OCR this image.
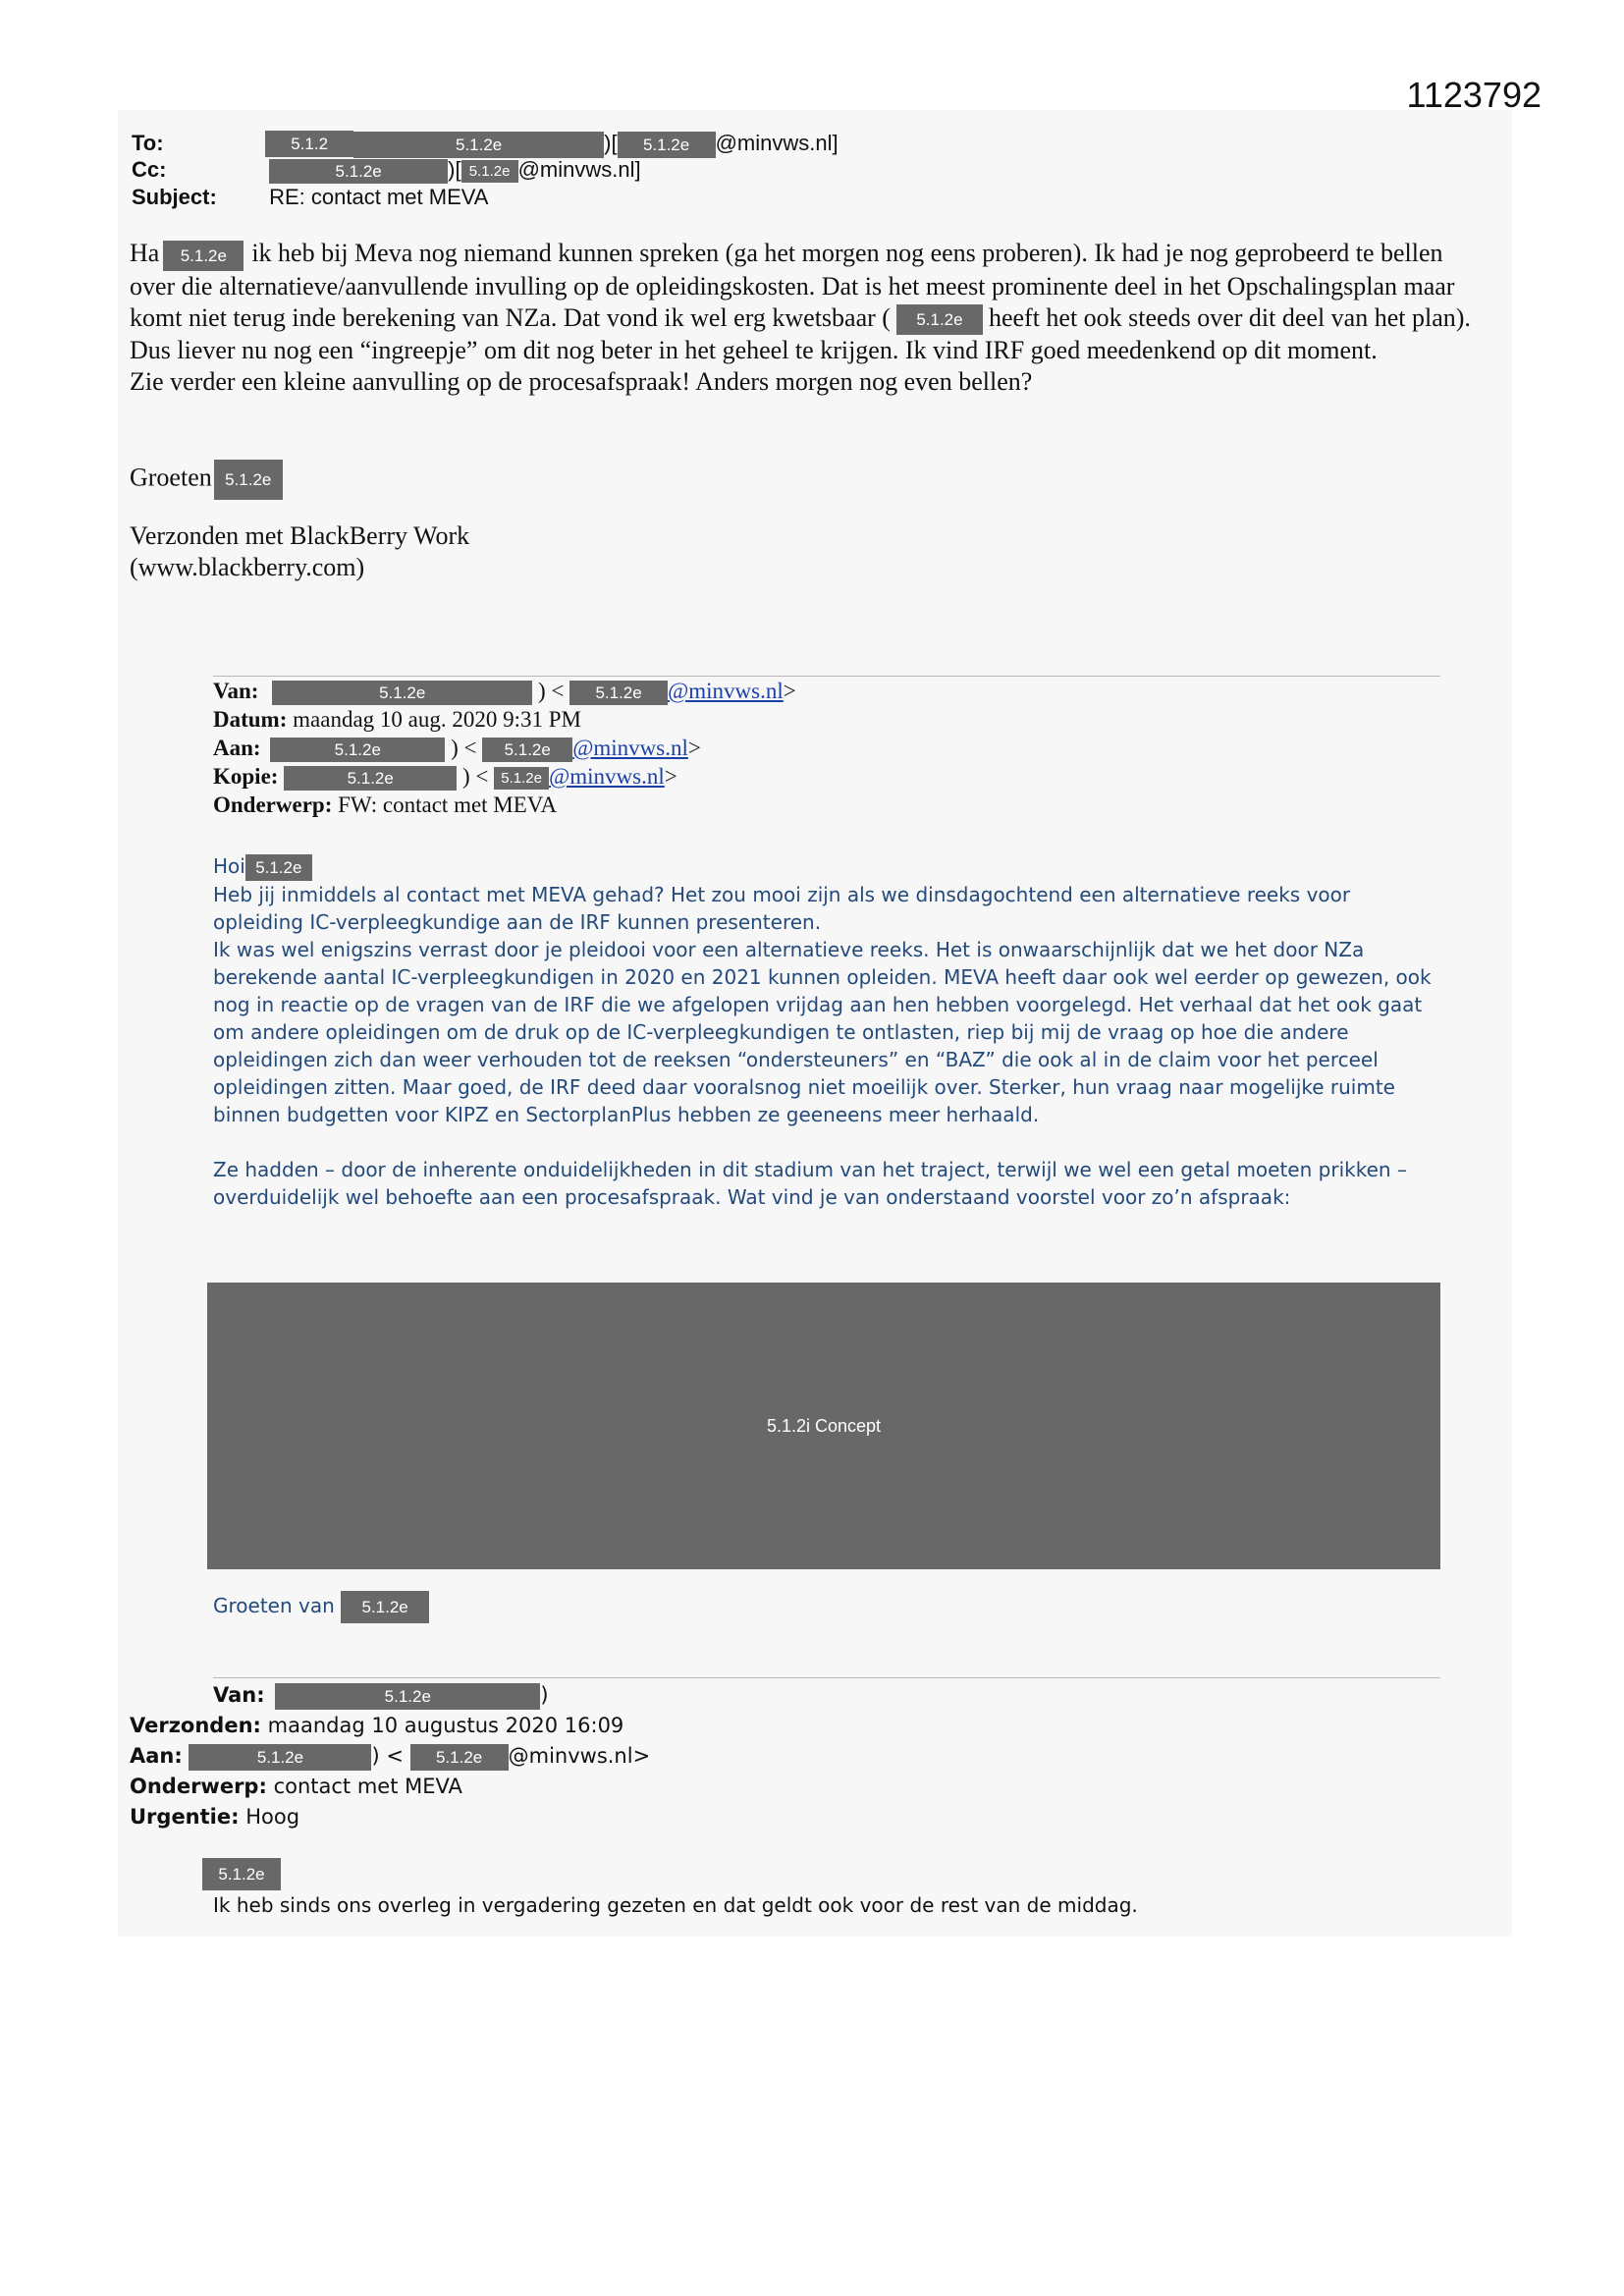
1123792
To:	5.1.2	5.1.2e	)[ 5.1.2e @minvws.nl]
Cc:	5.1.2e	)[ 5.1.2e @minvws.nl]
Subject: RE: contact met MEVA

Ha 5.1.2e ik heb bij Meva nog niemand kunnen spreken (ga het morgen nog eens proberen). Ik had je nog geprobeerd te bellen over die alternatieve/aanvullende invulling op de opleidingskosten. Dat is het meest prominente deel in het Opschalingsplan maar komt niet terug inde berekening van NZa. Dat vond ik wel erg kwetsbaar ( 5.1.2e heeft het ook steeds over dit deel van het plan). Dus liever nu nog een “ingreepje” om dit nog beter in het geheel te krijgen. Ik vind IRF goed meedenkend op dit moment.

Zie verder een kleine aanvulling op de procesafspraak! Anders morgen nog even bellen?

Groeten 5.1.2e

Verzonden met BlackBerry Work

(www.blackberry.com)

Van:	5.1.2e	) < 5.1.2e @minvws.nl>
Datum: maandag 10 aug. 2020 9:31 PM
Aan:	5.1.2e	) < 5.1.2e @minvws.nl>
Kopie:	5.1.2e	) < 5.1.2e @minvws.nl>
Onderwerp: FW: contact met MEVA

Hoi 5.1.2e

Heb jij inmiddels al contact met MEVA gehad? Het zou mooi zijn als we dinsdagochtend een alternatieve reeks voor opleiding IC-verpleegkundige aan de IRF kunnen presenteren.

Ik was wel enigszins verrast door je pleidooi voor een alternatieve reeks. Het is onwaarschijnlijk dat we het door NZa berekende aantal IC-verpleegkundigen in 2020 en 2021 kunnen opleiden. MEVA heeft daar ook wel eerder op gewezen, ook nog in reactie op de vragen van de IRF die we afgelopen vrijdag aan hen hebben voorgelegd. Het verhaal dat het ook gaat om andere opleidingen om de druk op de IC-verpleegkundigen te ontlasten, riep bij mij de vraag op hoe die andere opleidingen zich dan weer verhouden tot de reeksen “ondersteuners” en “BAZ” die ook al in de claim voor het perceel opleidingen zitten. Maar goed, de IRF deed daar vooralsnog niet moeilijk over. Sterker, hun vraag naar mogelijke ruimte binnen budgetten voor KIPZ en SectorplanPlus hebben ze geeneens meer herhaald.

Ze hadden – door de inherente onduidelijkheden in dit stadium van het traject, terwijl we wel een getal moeten prikken – overduidelijk wel behoefte aan een procesafspraak. Wat vind je van onderstaand voorstel voor zo’n afspraak:

5.1.2i Concept
Groeten van 5.1.2e
Van:	5.1.2e	)
Verzonden: maandag 10 augustus 2020 16:09
Aan:	5.1.2e	) < 5.1.2e @minvws.nl>
Onderwerp: contact met MEVA
Urgentie: Hoog
5.1.2e
Ik heb sinds ons overleg in vergadering gezeten en dat geldt ook voor de rest van de middag.
